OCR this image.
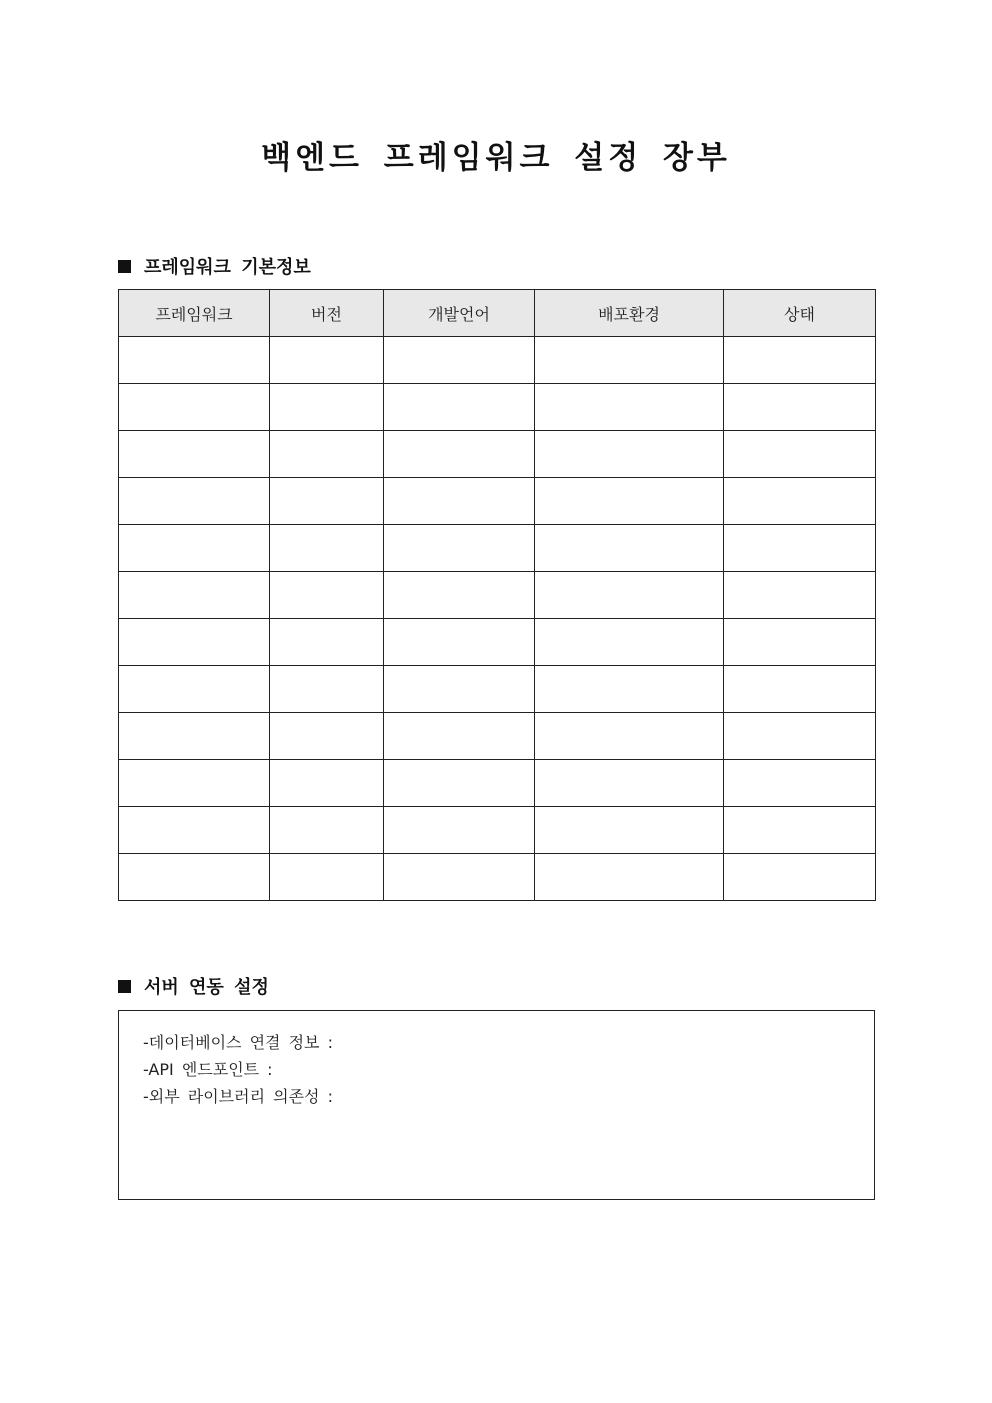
백엔드 프레임워크 설정 장부
프레임워크 기본정보
프레임워크	버전	개발언어	배포환경	상태

서버 연동 설정
-데이터베이스 연결 정보 :
-API 엔드포인트 :
-외부 라이브러리 의존성 :
